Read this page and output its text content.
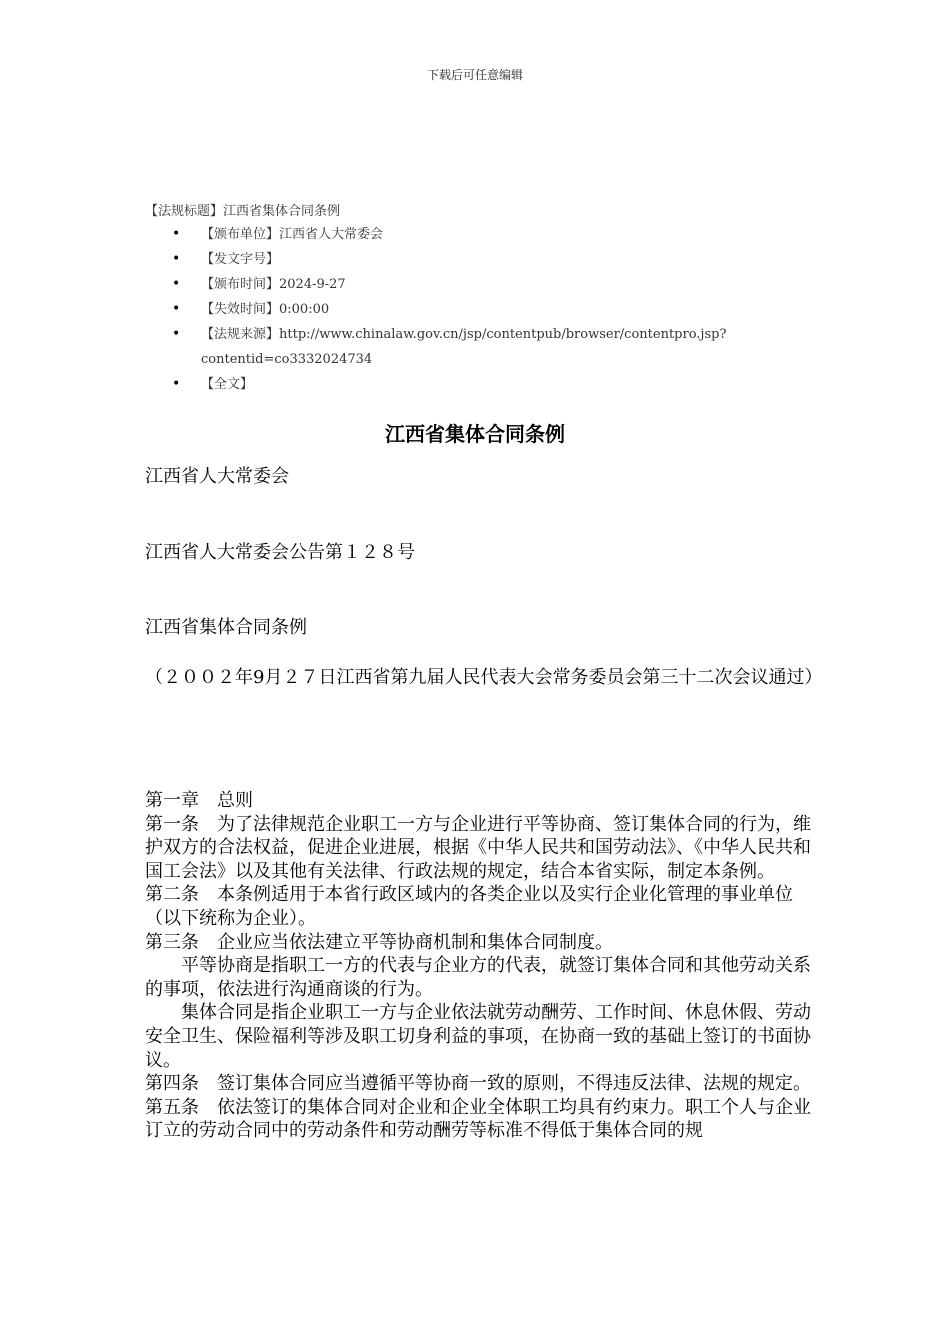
下载后可任意编辑
【法规标题】江西省集体合同条例
• 【颁布单位】江西省人大常委会
• 【发文字号】
• 【颁布时间】2024-9-27
• 【失效时间】0:00:00
• 【法规来源】http://www.chinalaw.gov.cn/jsp/contentpub/browser/contentpro.jsp?
contentid=co3332024734
• 【全文】
江西省集体合同条例
江西省人大常委会
江西省人大常委会公告第１２８号
江西省集体合同条例
（２００２年9月２７日江西省第九届人民代表大会常务委员会第三十二次会议通过）

第一章　总则

第一条　为了法律规范企业职工一方与企业进行平等协商、签订集体合同的行为，维护双方的合法权益，促进企业进展，根据《中华人民共和国劳动法》、《中华人民共和国工会法》以及其他有关法律、行政法规的规定，结合本省实际，制定本条例。

第二条　本条例适用于本省行政区域内的各类企业以及实行企业化管理的事业单位（以下统称为企业）。

第三条　企业应当依法建立平等协商机制和集体合同制度。

平等协商是指职工一方的代表与企业方的代表，就签订集体合同和其他劳动关系的事项，依法进行沟通商谈的行为。

集体合同是指企业职工一方与企业依法就劳动酬劳、工作时间、休息休假、劳动安全卫生、保险福利等涉及职工切身利益的事项，在协商一致的基础上签订的书面协议。

第四条　签订集体合同应当遵循平等协商一致的原则，不得违反法律、法规的规定。

第五条　依法签订的集体合同对企业和企业全体职工均具有约束力。职工个人与企业订立的劳动合同中的劳动条件和劳动酬劳等标准不得低于集体合同的规
